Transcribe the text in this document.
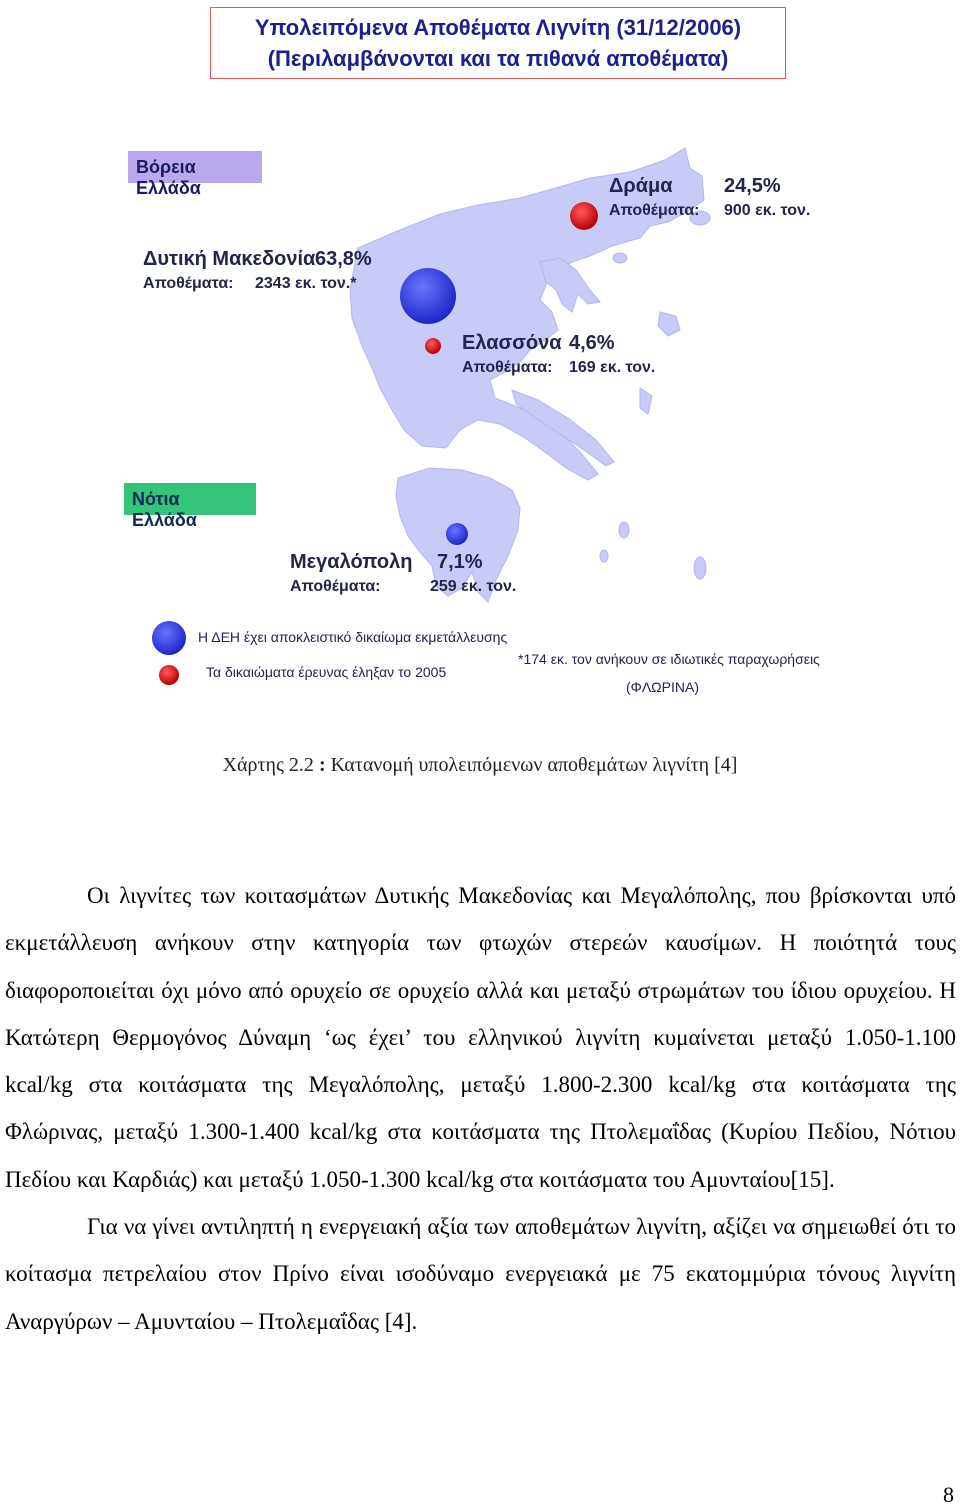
Υπολειπόμενα Αποθέματα Λιγνίτη (31/12/2006)
(Περιλαμβάνονται και τα πιθανά αποθέματα)
Βόρεια Ελλάδα
Νότια Ελλάδα
Δυτική Μακεδονία 63,8%
Αποθέματα: 2343 εκ. τον.*
Δράμα	24,5%
Αποθέματα: 900 εκ. τον.
Ελασσόνα 4,6%
Αποθέματα: 169 εκ. τον.
Μεγαλόπολη 7,1%
Αποθέματα:	259 εκ. τον.
Η ΔΕΗ έχει αποκλειστικό δικαίωμα εκμετάλλευσης
Τα δικαιώματα έρευνας έληξαν το 2005
*174 εκ. τον ανήκουν σε ιδιωτικές παραχωρήσεις
(ΦΛΩΡΙΝΑ)
Χάρτης 2.2 : Κατανομή υπολειπόμενων αποθεμάτων λιγνίτη [4]

Οι λιγνίτες των κοιτασμάτων Δυτικής Μακεδονίας και Μεγαλόπολης, που βρίσκονται υπό εκμετάλλευση ανήκουν στην κατηγορία των φτωχών στερεών καυσίμων. Η ποιότητά τους διαφοροποιείται όχι μόνο από ορυχείο σε ορυχείο αλλά και μεταξύ στρωμάτων του ίδιου ορυχείου. Η Κατώτερη Θερμογόνος Δύναμη ‘ως έχει’ του ελληνικού λιγνίτη κυμαίνεται μεταξύ 1.050-1.100 kcal/kg στα κοιτάσματα της Μεγαλόπολης, μεταξύ 1.800-2.300 kcal/kg στα κοιτάσματα της Φλώρινας, μεταξύ 1.300-1.400 kcal/kg στα κοιτάσματα της Πτολεμαΐδας (Κυρίου Πεδίου, Νότιου Πεδίου και Καρδιάς) και μεταξύ 1.050-1.300 kcal/kg στα κοιτάσματα του Αμυνταίου[15].

Για να γίνει αντιληπτή η ενεργειακή αξία των αποθεμάτων λιγνίτη, αξίζει να σημειωθεί ότι το κοίτασμα πετρελαίου στον Πρίνο είναι ισοδύναμο ενεργειακά με 75 εκατομμύρια τόνους λιγνίτη Αναργύρων – Αμυνταίου – Πτολεμαΐδας [4].

8
